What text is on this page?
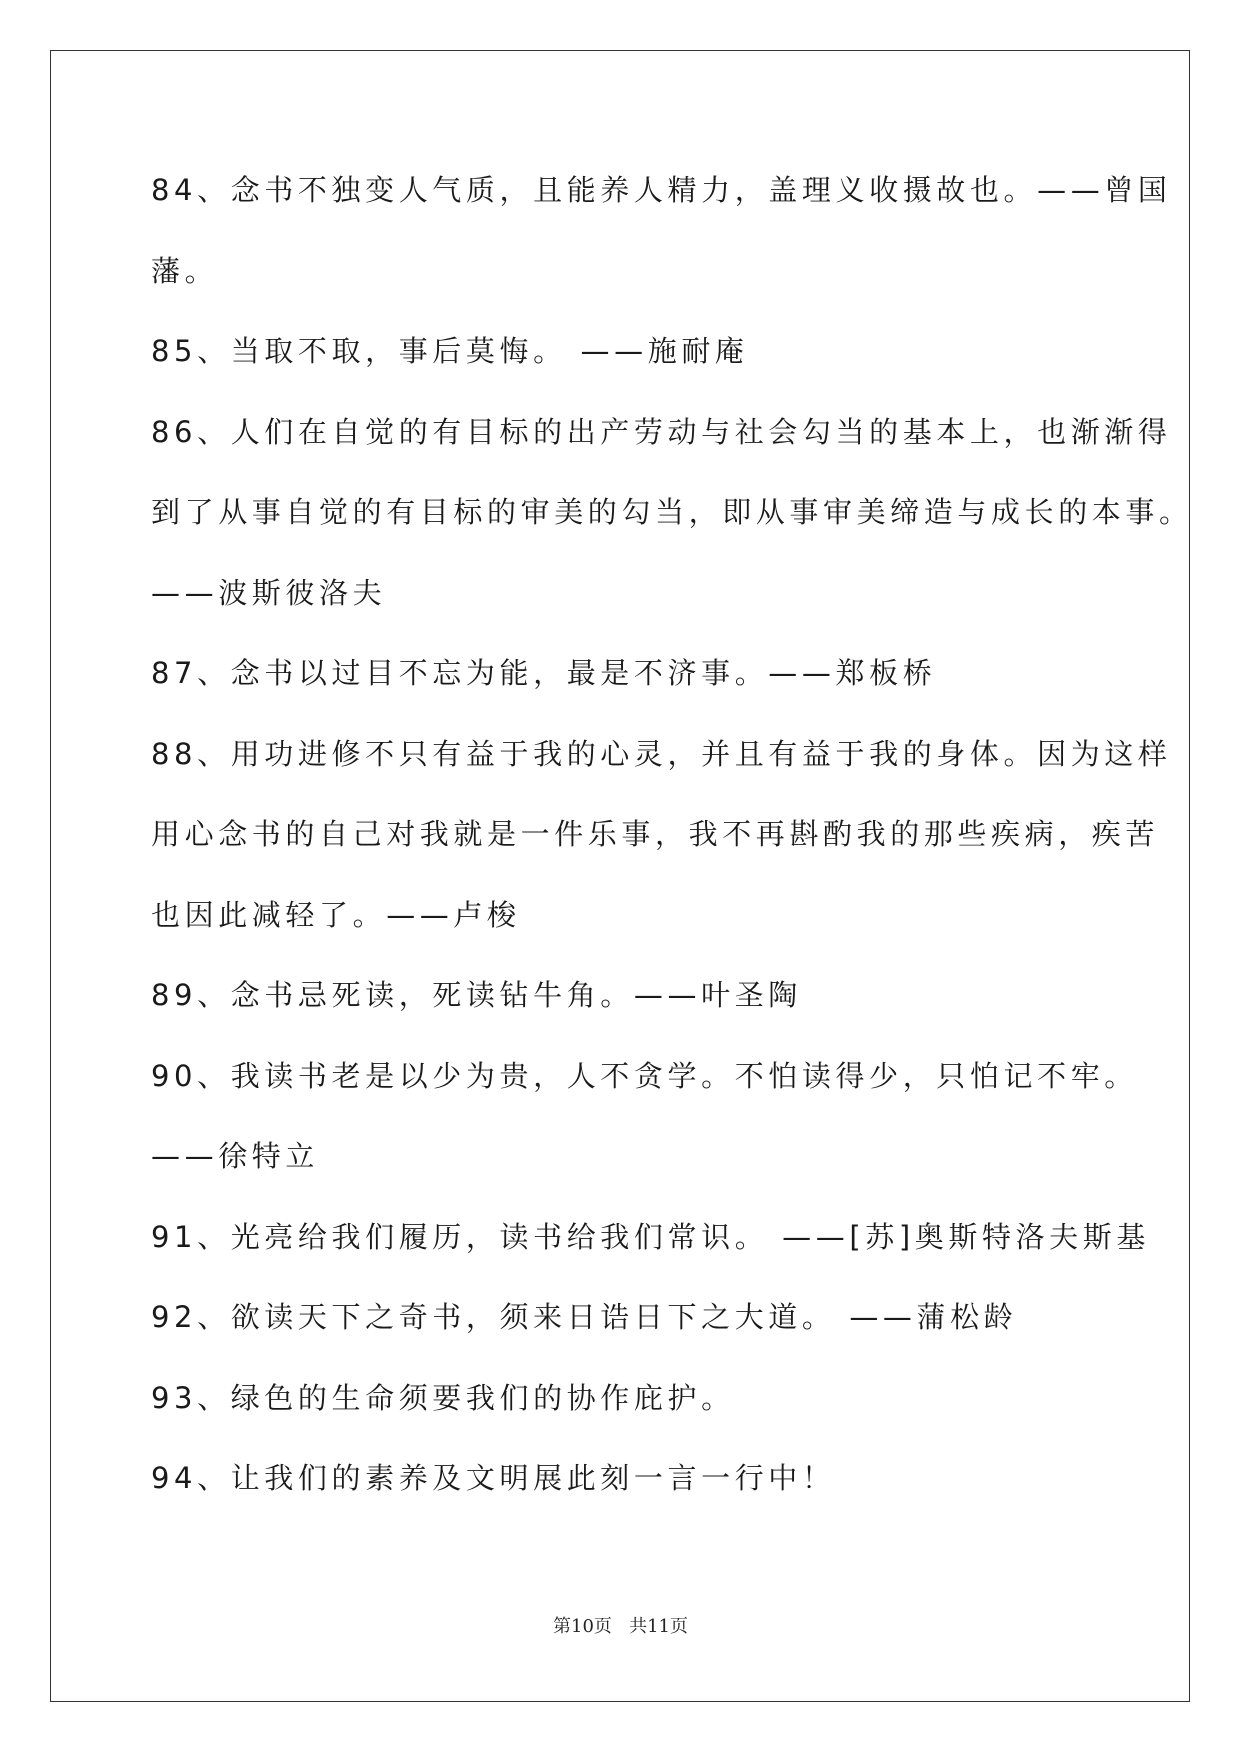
84、念书不独变人气质，且能养人精力，盖理义收摄故也。——曾国
藩。
85、当取不取，事后莫悔。 ——施耐庵
86、人们在自觉的有目标的出产劳动与社会勾当的基本上，也渐渐得
到了从事自觉的有目标的审美的勾当，即从事审美缔造与成长的本事。
——波斯彼洛夫
87、念书以过目不忘为能，最是不济事。——郑板桥
88、用功进修不只有益于我的心灵，并且有益于我的身体。因为这样
用心念书的自己对我就是一件乐事，我不再斟酌我的那些疾病，疾苦
也因此减轻了。——卢梭
89、念书忌死读，死读钻牛角。——叶圣陶
90、我读书老是以少为贵，人不贪学。不怕读得少，只怕记不牢。
——徐特立
91、光亮给我们履历，读书给我们常识。 ——[苏]奥斯特洛夫斯基
92、欲读天下之奇书，须来日诰日下之大道。 ——蒲松龄
93、绿色的生命须要我们的协作庇护。
94、让我们的素养及文明展此刻一言一行中！
第10页 共11页
